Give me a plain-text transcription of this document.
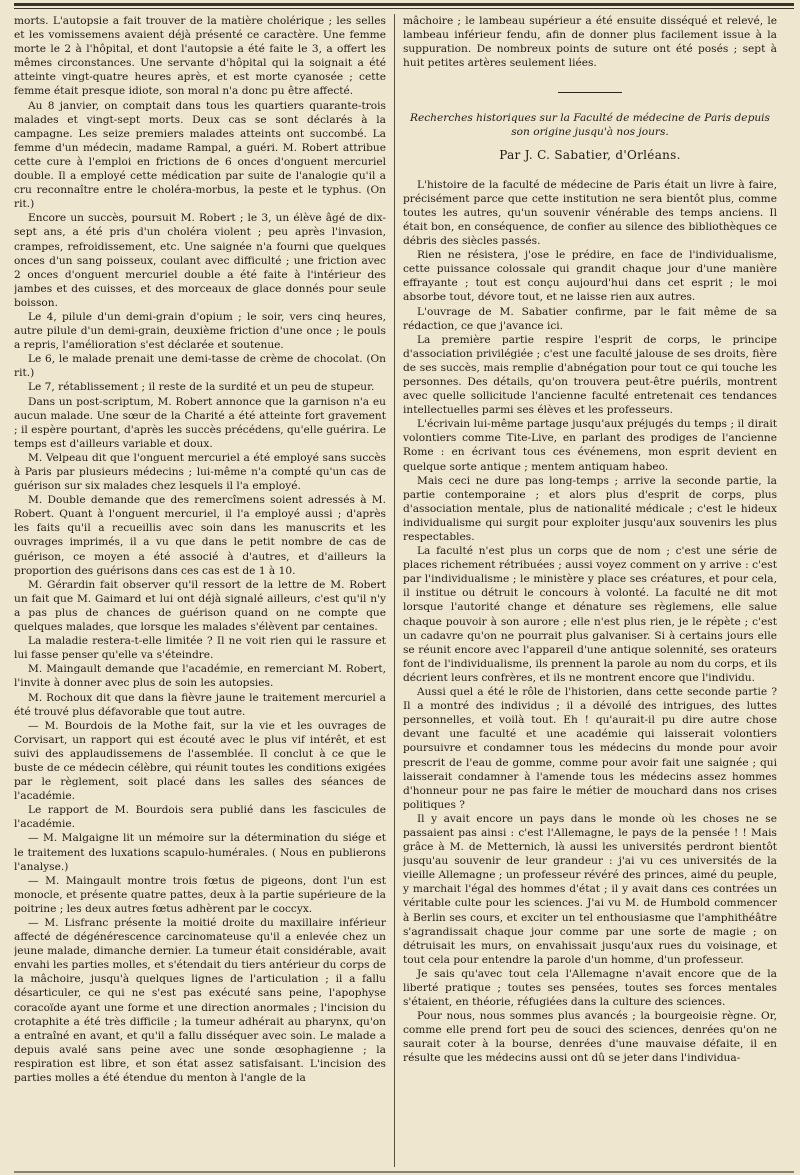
morts. L'autopsie a fait trouver de la matière cholérique ; les selles et les vomissemens avaient déjà présenté ce caractère. Une femme morte le 2 à l'hôpital, et dont l'autopsie a été faite le 3, a offert les mêmes circonstances. Une servante d'hôpital qui la soignait a été atteinte vingt-quatre heures après, et est morte cyanosée ; cette femme était presque idiote, son moral n'a donc pu être affecté.

Au 8 janvier, on comptait dans tous les quartiers quarante-trois malades et vingt-sept morts. Deux cas se sont déclarés à la campagne. Les seize premiers malades atteints ont succombé. La femme d'un médecin, madame Rampal, a guéri. M. Robert attribue cette cure à l'emploi en frictions de 6 onces d'onguent mercuriel double. Il a employé cette médication par suite de l'analogie qu'il a cru reconnaître entre le choléra-morbus, la peste et le typhus. (On rit.)

Encore un succès, poursuit M. Robert ; le 3, un élève âgé de dix-sept ans, a été pris d'un choléra violent ; peu après l'invasion, crampes, refroidissement, etc. Une saignée n'a fourni que quelques onces d'un sang poisseux, coulant avec difficulté ; une friction avec 2 onces d'onguent mercuriel double a été faite à l'intérieur des jambes et des cuisses, et des morceaux de glace donnés pour seule boisson.

Le 4, pilule d'un demi-grain d'opium ; le soir, vers cinq heures, autre pilule d'un demi-grain, deuxième friction d'une once ; le pouls a repris, l'amélioration s'est déclarée et soutenue.

Le 6, le malade prenait une demi-tasse de crème de chocolat. (On rit.)

Le 7, rétablissement ; il reste de la surdité et un peu de stupeur.

Dans un post-scriptum, M. Robert annonce que la garnison n'a eu aucun malade. Une sœur de la Charité a été atteinte fort gravement ; il espère pourtant, d'après les succès précédens, qu'elle guérira. Le temps est d'ailleurs variable et doux.

M. Velpeau dit que l'onguent mercuriel a été employé sans succès à Paris par plusieurs médecins ; lui-même n'a compté qu'un cas de guérison sur six malades chez lesquels il l'a employé.

M. Double demande que des remercîmens soient adressés à M. Robert. Quant à l'onguent mercuriel, il l'a employé aussi ; d'après les faits qu'il a recueillis avec soin dans les manuscrits et les ouvrages imprimés, il a vu que dans le petit nombre de cas de guérison, ce moyen a été associé à d'autres, et d'ailleurs la proportion des guérisons dans ces cas est de 1 à 10.

M. Gérardin fait observer qu'il ressort de la lettre de M. Robert un fait que M. Gaimard et lui ont déjà signalé ailleurs, c'est qu'il n'y a pas plus de chances de guérison quand on ne compte que quelques malades, que lorsque les malades s'élèvent par centaines.

La maladie restera-t-elle limitée ? Il ne voit rien qui le rassure et lui fasse penser qu'elle va s'éteindre.

M. Maingault demande que l'académie, en remerciant M. Robert, l'invite à donner avec plus de soin les autopsies.

M. Rochoux dit que dans la fièvre jaune le traitement mercuriel a été trouvé plus défavorable que tout autre.

— M. Bourdois de la Mothe fait, sur la vie et les ouvrages de Corvisart, un rapport qui est écouté avec le plus vif intérêt, et est suivi des applaudissemens de l'assemblée. Il conclut à ce que le buste de ce médecin célèbre, qui réunit toutes les conditions exigées par le règlement, soit placé dans les salles des séances de l'académie.

Le rapport de M. Bourdois sera publié dans les fascicules de l'académie.

— M. Malgaigne lit un mémoire sur la détermination du siége et le traitement des luxations scapulo-humérales. ( Nous en publierons l'analyse.)

— M. Maingault montre trois fœtus de pigeons, dont l'un est monocle, et présente quatre pattes, deux à la partie supérieure de la poitrine ; les deux autres fœtus adhèrent par le coccyx.

— M. Lisfranc présente la moitié droite du maxillaire inférieur affecté de dégénérescence carcinomateuse qu'il a enlevée chez un jeune malade, dimanche dernier. La tumeur était considérable, avait envahi les parties molles, et s'étendait du tiers antérieur du corps de la mâchoire, jusqu'à quelques lignes de l'articulation ; il a fallu désarticuler, ce qui ne s'est pas exécuté sans peine, l'apophyse coracoïde ayant une forme et une direction anormales ; l'incision du crotaphite a été très difficile ; la tumeur adhérait au pharynx, qu'on a entraîné en avant, et qu'il a fallu disséquer avec soin. Le malade a depuis avalé sans peine avec une sonde œsophagienne ; la respiration est libre, et son état assez satisfaisant. L'incision des parties molles a été étendue du menton à l'angle de la

mâchoire ; le lambeau supérieur a été ensuite disséqué et relevé, le lambeau inférieur fendu, afin de donner plus facilement issue à la suppuration. De nombreux points de suture ont été posés ; sept à huit petites artères seulement liées.

Recherches historiques sur la Faculté de médecine de Paris depuis son origine jusqu'à nos jours.

Par J. C. Sabatier, d'Orléans.

L'histoire de la faculté de médecine de Paris était un livre à faire, précisément parce que cette institution ne sera bientôt plus, comme toutes les autres, qu'un souvenir vénérable des temps anciens. Il était bon, en conséquence, de confier au silence des bibliothèques ce débris des siècles passés.

Rien ne résistera, j'ose le prédire, en face de l'individualisme, cette puissance colossale qui grandit chaque jour d'une manière effrayante ; tout est conçu aujourd'hui dans cet esprit ; le moi absorbe tout, dévore tout, et ne laisse rien aux autres.

L'ouvrage de M. Sabatier confirme, par le fait même de sa rédaction, ce que j'avance ici.

La première partie respire l'esprit de corps, le principe d'association privilégiée ; c'est une faculté jalouse de ses droits, fière de ses succès, mais remplie d'abnégation pour tout ce qui touche les personnes. Des détails, qu'on trouvera peut-être puérils, montrent avec quelle sollicitude l'ancienne faculté entretenait ces tendances intellectuelles parmi ses élèves et les professeurs.

L'écrivain lui-même partage jusqu'aux préjugés du temps ; il dirait volontiers comme Tite-Live, en parlant des prodiges de l'ancienne Rome : en écrivant tous ces événemens, mon esprit devient en quelque sorte antique ; mentem antiquam habeo.

Mais ceci ne dure pas long-temps ; arrive la seconde partie, la partie contemporaine ; et alors plus d'esprit de corps, plus d'association mentale, plus de nationalité médicale ; c'est le hideux individualisme qui surgit pour exploiter jusqu'aux souvenirs les plus respectables.

La faculté n'est plus un corps que de nom ; c'est une série de places richement rétribuées ; aussi voyez comment on y arrive : c'est par l'individualisme ; le ministère y place ses créatures, et pour cela, il institue ou détruit le concours à volonté. La faculté ne dit mot lorsque l'autorité change et dénature ses règlemens, elle salue chaque pouvoir à son aurore ; elle n'est plus rien, je le répète ; c'est un cadavre qu'on ne pourrait plus galvaniser. Si à certains jours elle se réunit encore avec l'appareil d'une antique solennité, ses orateurs font de l'individualisme, ils prennent la parole au nom du corps, et ils décrient leurs confrères, et ils ne montrent encore que l'individu.

Aussi quel a été le rôle de l'historien, dans cette seconde partie ? Il a montré des individus ; il a dévoilé des intrigues, des luttes personnelles, et voilà tout. Eh ! qu'aurait-il pu dire autre chose devant une faculté et une académie qui laisserait volontiers poursuivre et condamner tous les médecins du monde pour avoir prescrit de l'eau de gomme, comme pour avoir fait une saignée ; qui laisserait condamner à l'amende tous les médecins assez hommes d'honneur pour ne pas faire le métier de mouchard dans nos crises politiques ?

Il y avait encore un pays dans le monde où les choses ne se passaient pas ainsi : c'est l'Allemagne, le pays de la pensée ! ! Mais grâce à M. de Metternich, là aussi les universités perdront bientôt jusqu'au souvenir de leur grandeur : j'ai vu ces universités de la vieille Allemagne ; un professeur révéré des princes, aimé du peuple, y marchait l'égal des hommes d'état ; il y avait dans ces contrées un véritable culte pour les sciences. J'ai vu M. de Humbold commencer à Berlin ses cours, et exciter un tel enthousiasme que l'amphithéâtre s'agrandissait chaque jour comme par une sorte de magie ; on détruisait les murs, on envahissait jusqu'aux rues du voisinage, et tout cela pour entendre la parole d'un homme, d'un professeur.

Je sais qu'avec tout cela l'Allemagne n'avait encore que de la liberté pratique ; toutes ses pensées, toutes ses forces mentales s'étaient, en théorie, réfugiées dans la culture des sciences.

Pour nous, nous sommes plus avancés ; la bourgeoisie règne. Or, comme elle prend fort peu de souci des sciences, denrées qu'on ne saurait coter à la bourse, denrées d'une mauvaise défaite, il en résulte que les médecins aussi ont dû se jeter dans l'individua-
